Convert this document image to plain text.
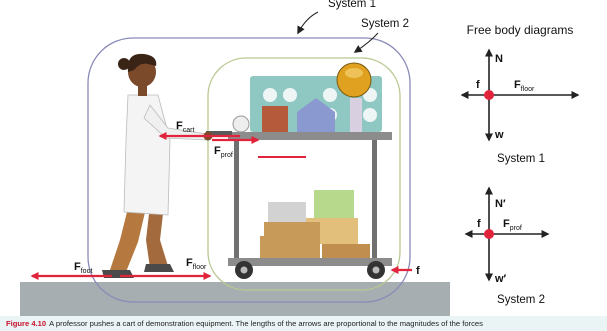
System 1
System 2
$F_{cart}$
$F_{prof}$
$F_{foot}$
$F_{floor}$	f
Free body diagrams
N
f	$F_{floor}$
w
System 1
N′
f $F_{prof}$
w′
System 2
Figure 4.10 A professor pushes a cart of demonstration equipment. The lengths of the arrows are proportional to the magnitudes of the forces
